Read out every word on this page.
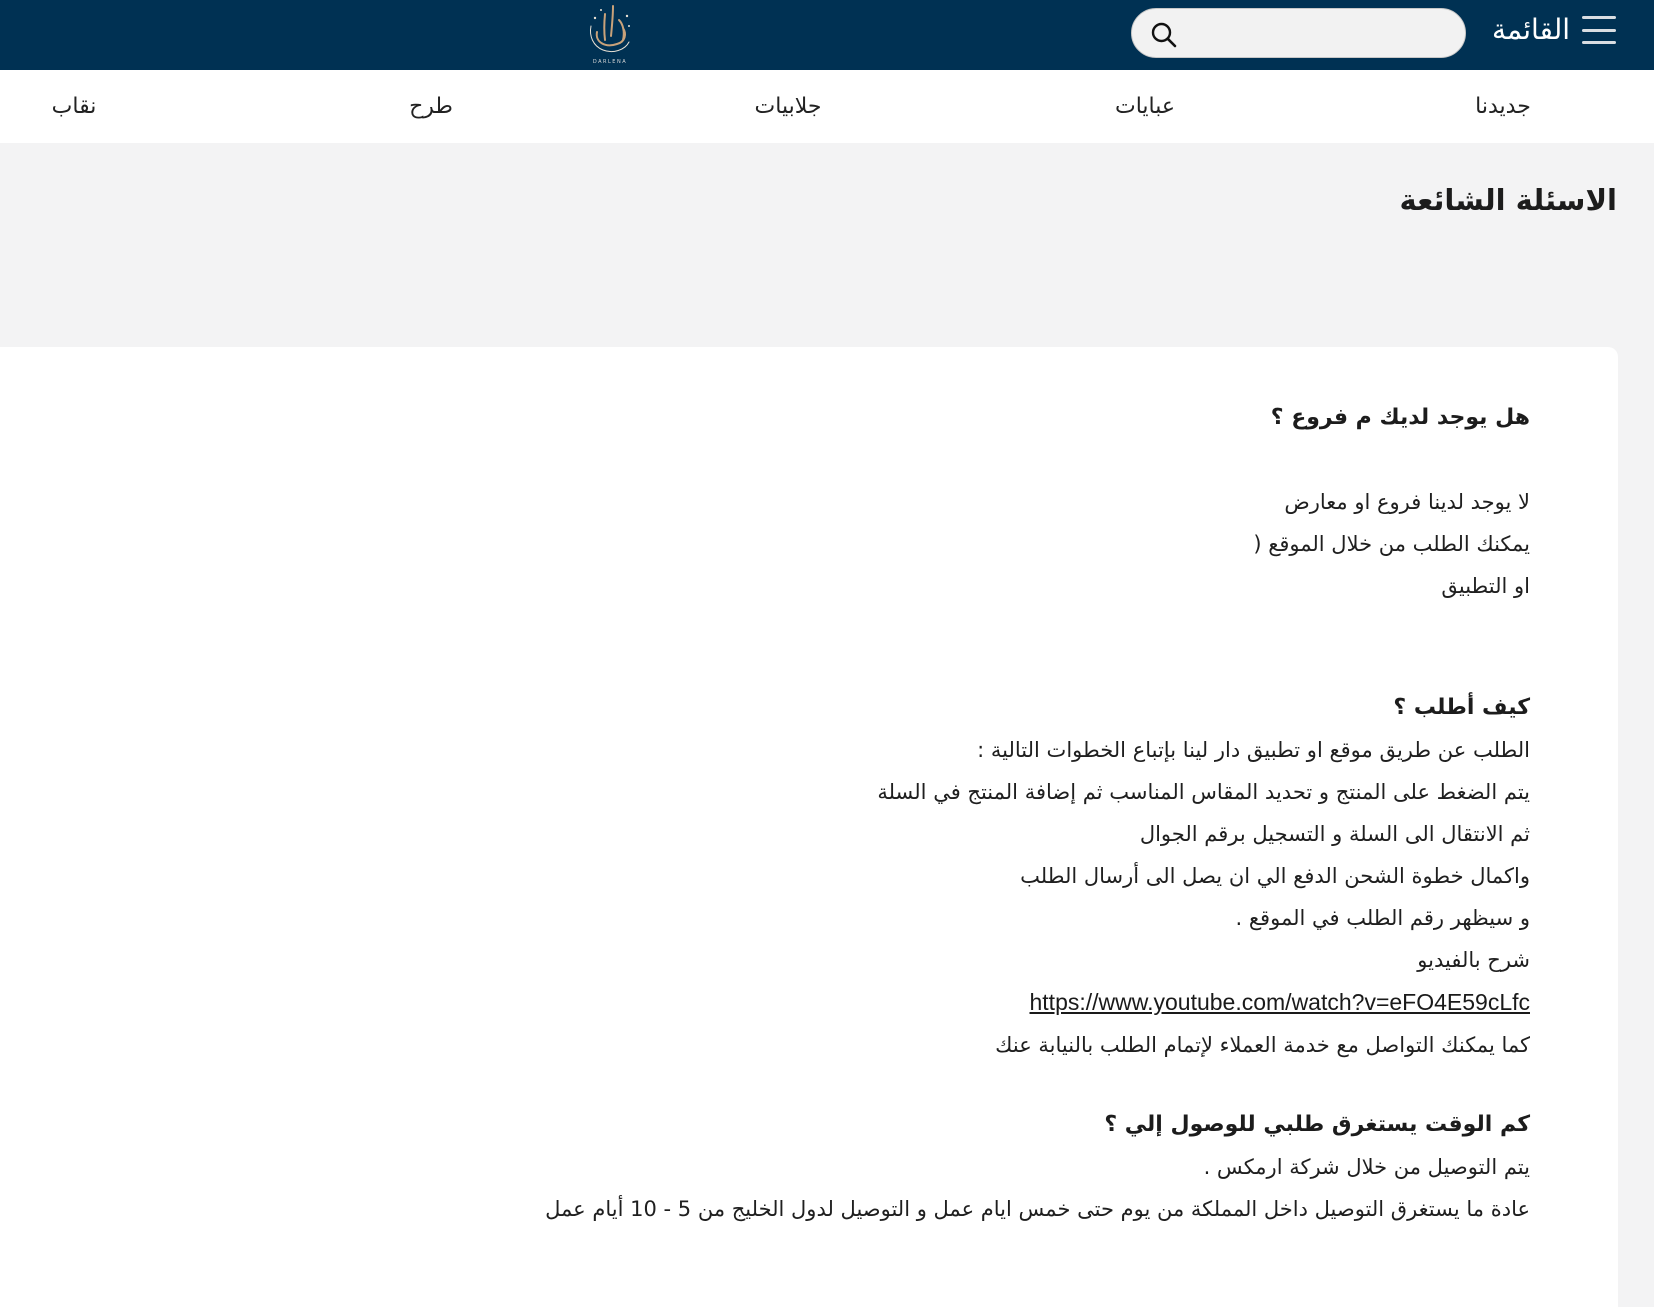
القائمة
DARLENA
جديدنا
عبايات
جلابيات
طرح
نقاب
الاسئلة الشائعة
هل يوجد لديك م فروع ؟
لا يوجد لدينا فروع او معارض
يمكنك الطلب من خلال الموقع (
او التطبيق
كيف أطلب ؟
الطلب عن طريق موقع او تطبيق دار لينا بإتباع الخطوات التالية :
يتم الضغط على المنتج و تحديد المقاس المناسب ثم إضافة المنتج في السلة
ثم الانتقال الى السلة و التسجيل برقم الجوال
واكمال خطوة الشحن الدفع الي ان يصل الى أرسال الطلب
و سيظهر رقم الطلب في الموقع .
شرح بالفيديو
https://www.youtube.com/watch?v=eFO4E59cLfc
كما يمكنك التواصل مع خدمة العملاء لإتمام الطلب بالنيابة عنك
كم الوقت يستغرق طلبي للوصول إلي ؟
يتم التوصيل من خلال شركة ارمكس .
عادة ما يستغرق التوصيل داخل المملكة من يوم حتى خمس ايام عمل و التوصيل لدول الخليج من 5 - 10 أيام عمل
